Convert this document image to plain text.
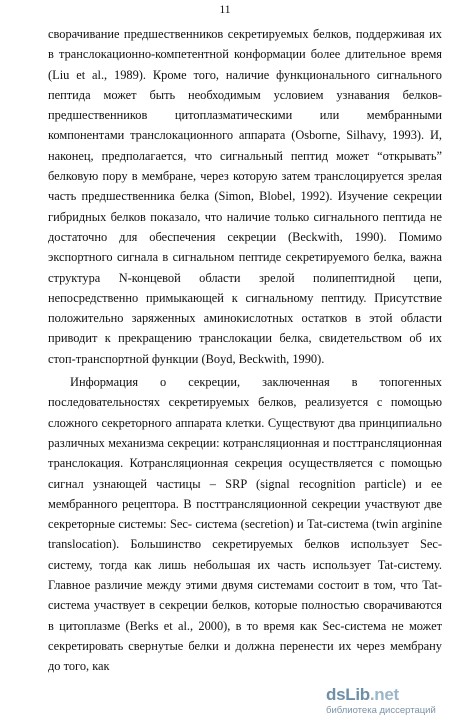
11

сворачивание предшественников секретируемых белков, поддерживая их в транслокационно-компетентной конформации более длительное время (Liu et al., 1989). Кроме того, наличие функционального сигнального пептида может быть необходимым условием узнавания белков-предшественников цитоплазматическими или мембранными компонентами транслокационного аппарата (Osborne, Silhavy, 1993). И, наконец, предполагается, что сигнальный пептид может “открывать” белковую пору в мембране, через которую затем транслоцируется зрелая часть предшественника белка (Simon, Blobel, 1992). Изучение секреции гибридных белков показало, что наличие только сигнального пептида не достаточно для обеспечения секреции (Beckwith, 1990). Помимо экспортного сигнала в сигнальном пептиде секретируемого белка, важна структура N-концевой области зрелой полипептидной цепи, непосредственно примыкающей к сигнальному пептиду. Присутствие положительно заряженных аминокислотных остатков в этой области приводит к прекращению транслокации белка, свидетельством об их стоп-транспортной функции (Boyd, Beckwith, 1990).

Информация о секреции, заключенная в топогенных последовательностях секретируемых белков, реализуется с помощью сложного секреторного аппарата клетки. Существуют два принципиально различных механизма секреции: котрансляционная и посттрансляционная транслокация. Котрансляционная секреция осуществляется с помощью сигнал узнающей частицы – SRP (signal recognition particle) и ее мембранного рецептора. В посттрансляционной секреции участвуют две секреторные системы: Sec- система (secretion) и Tat-система (twin arginine translocation). Большинство секретируемых белков использует Sec-систему, тогда как лишь небольшая их часть использует Tat-систему. Главное различие между этими двумя системами состоит в том, что Tat-система участвует в секреции белков, которые полностью сворачиваются в цитоплазме (Berks et al., 2000), в то время как Sec-система не может секретировать свернутые белки и должна перенести их через мембрану до того, как

dsLib.net
библиотека диссертаций
